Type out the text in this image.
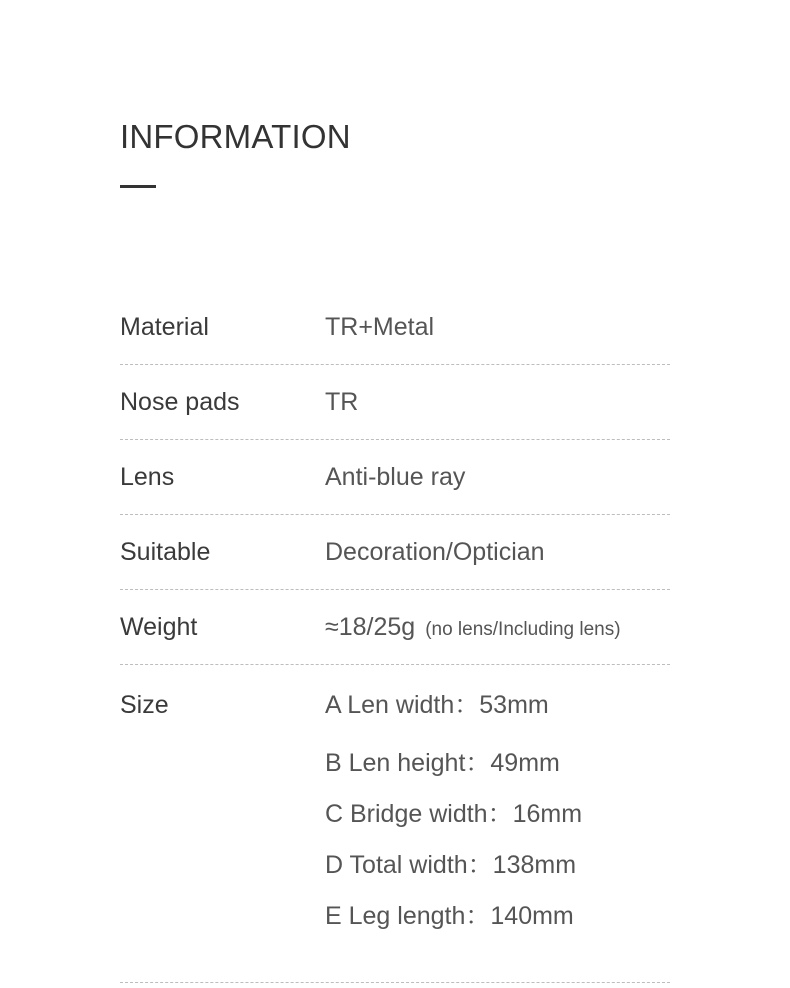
INFORMATION
Material	TR+Metal
Nose pads	TR
Lens	Anti-blue ray
Suitable	Decoration/Optician
Weight	≈18/25g (no lens/Including lens)
Size	A Len width：53mm
B Len height：49mm
C Bridge width：16mm
D Total width：138mm
E Leg length：140mm
